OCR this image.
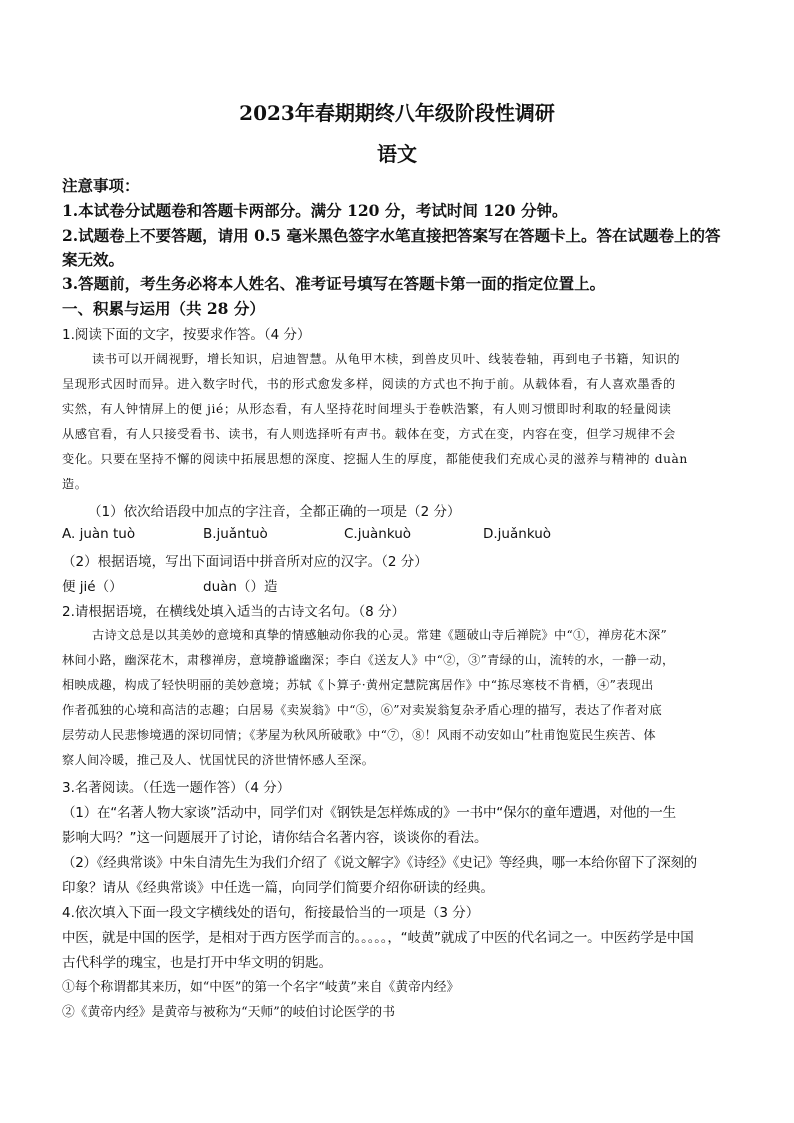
2023年春期期终八年级阶段性调研
语文
注意事项：
1.本试卷分试题卷和答题卡两部分。满分 120 分，考试时间 120 分钟。
2.试题卷上不要答题，请用 0.5 毫米黑色签字水笔直接把答案写在答题卡上。答在试题卷上的答
案无效。
3.答题前，考生务必将本人姓名、准考证号填写在答题卡第一面的指定位置上。
一、积累与运用（共 28 分）
1.阅读下面的文字，按要求作答。（4 分）
读书可以开阔视野，增长知识，启迪智慧。从龟甲木椟，到兽皮贝叶、线装卷轴，再到电子书籍，知识的
呈现形式因时而异。进入数字时代，书的形式愈发多样，阅读的方式也不拘于前。从载体看，有人喜欢墨香的
实然，有人钟情屏上的便 jié；从形态看，有人坚持花时间埋头于卷帙浩繁，有人则习惯即时利取的轻量阅读
从感官看，有人只接受看书、读书，有人则选择听有声书。载体在变，方式在变，内容在变，但学习规律不会
变化。只要在坚持不懈的阅读中拓展思想的深度、挖掘人生的厚度，都能使我们充成心灵的滋养与精神的 duàn
造。
（1）依次给语段中加点的字注音，全都正确的一项是（2 分）
A. juàn tuò	B.juǎntuò	C.juànkuò	D.juǎnkuò
（2）根据语境，写出下面词语中拼音所对应的汉字。（2 分）
便 jié（）	duàn（）造
2.请根据语境，在横线处填入适当的古诗文名句。（8 分）
古诗文总是以其美妙的意境和真挚的情感触动你我的心灵。常建《题破山寺后禅院》中“①，禅房花木深”
林间小路，幽深花木，肃穆禅房，意境静谧幽深；李白《送友人》中“②，③”青绿的山，流转的水，一静一动，
相映成趣，构成了轻快明丽的美妙意境；苏轼《卜算子·黄州定慧院寓居作》中“拣尽寒枝不肯栖，④”表现出
作者孤独的心境和高洁的志趣；白居易《卖炭翁》中“⑤，⑥”对卖炭翁复杂矛盾心理的描写，表达了作者对底
层劳动人民悲惨境遇的深切同情；《茅屋为秋风所破歌》中“⑦，⑧！风雨不动安如山”杜甫饱览民生疾苦、体
察人间冷暖，推己及人、忧国忧民的济世情怀感人至深。
3.名著阅读。（任选一题作答）（4 分）
（1）在“名著人物大家谈”活动中，同学们对《钢铁是怎样炼成的》一书中“保尔的童年遭遇，对他的一生
影响大吗？”这一问题展开了讨论，请你结合名著内容，谈谈你的看法。
（2）《经典常谈》中朱自清先生为我们介绍了《说文解字》《诗经》《史记》等经典，哪一本给你留下了深刻的
印象？请从《经典常谈》中任选一篇，向同学们简要介绍你研读的经典。
4.依次填入下面一段文字横线处的语句，衔接最恰当的一项是（3 分）
中医，就是中国的医学，是相对于西方医学而言的。。。。。，“岐黄”就成了中医的代名词之一。中医药学是中国
古代科学的瑰宝，也是打开中华文明的钥匙。
①每个称谓都其来历，如“中医”的第一个名字“岐黄”来自《黄帝内经》
②《黄帝内经》是黄帝与被称为“天师”的岐伯讨论医学的书
